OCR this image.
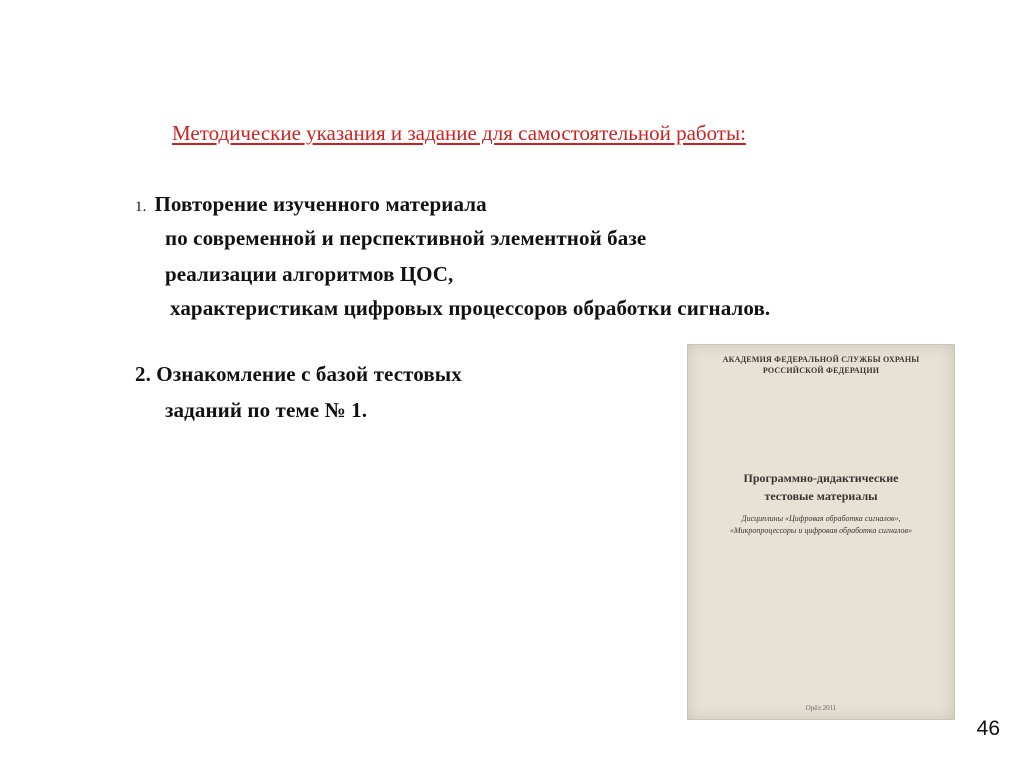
Методические указания и задание для самостоятельной работы:
1. Повторение изученного материала
по современной и перспективной элементной базе
реализации алгоритмов ЦОС,
характеристикам цифровых процессоров обработки сигналов.
2. Ознакомление с базой тестовых
заданий по теме № 1.
АКАДЕМИЯ ФЕДЕРАЛЬНОЙ СЛУЖБЫ ОХРАНЫ
РОССИЙСКОЙ ФЕДЕРАЦИИ
Программно-дидактические
тестовые материалы
Дисциплины «Цифровая обработка сигналов»,
«Микропроцессоры и цифровая обработка сигналов»
Орёл 2011
46
